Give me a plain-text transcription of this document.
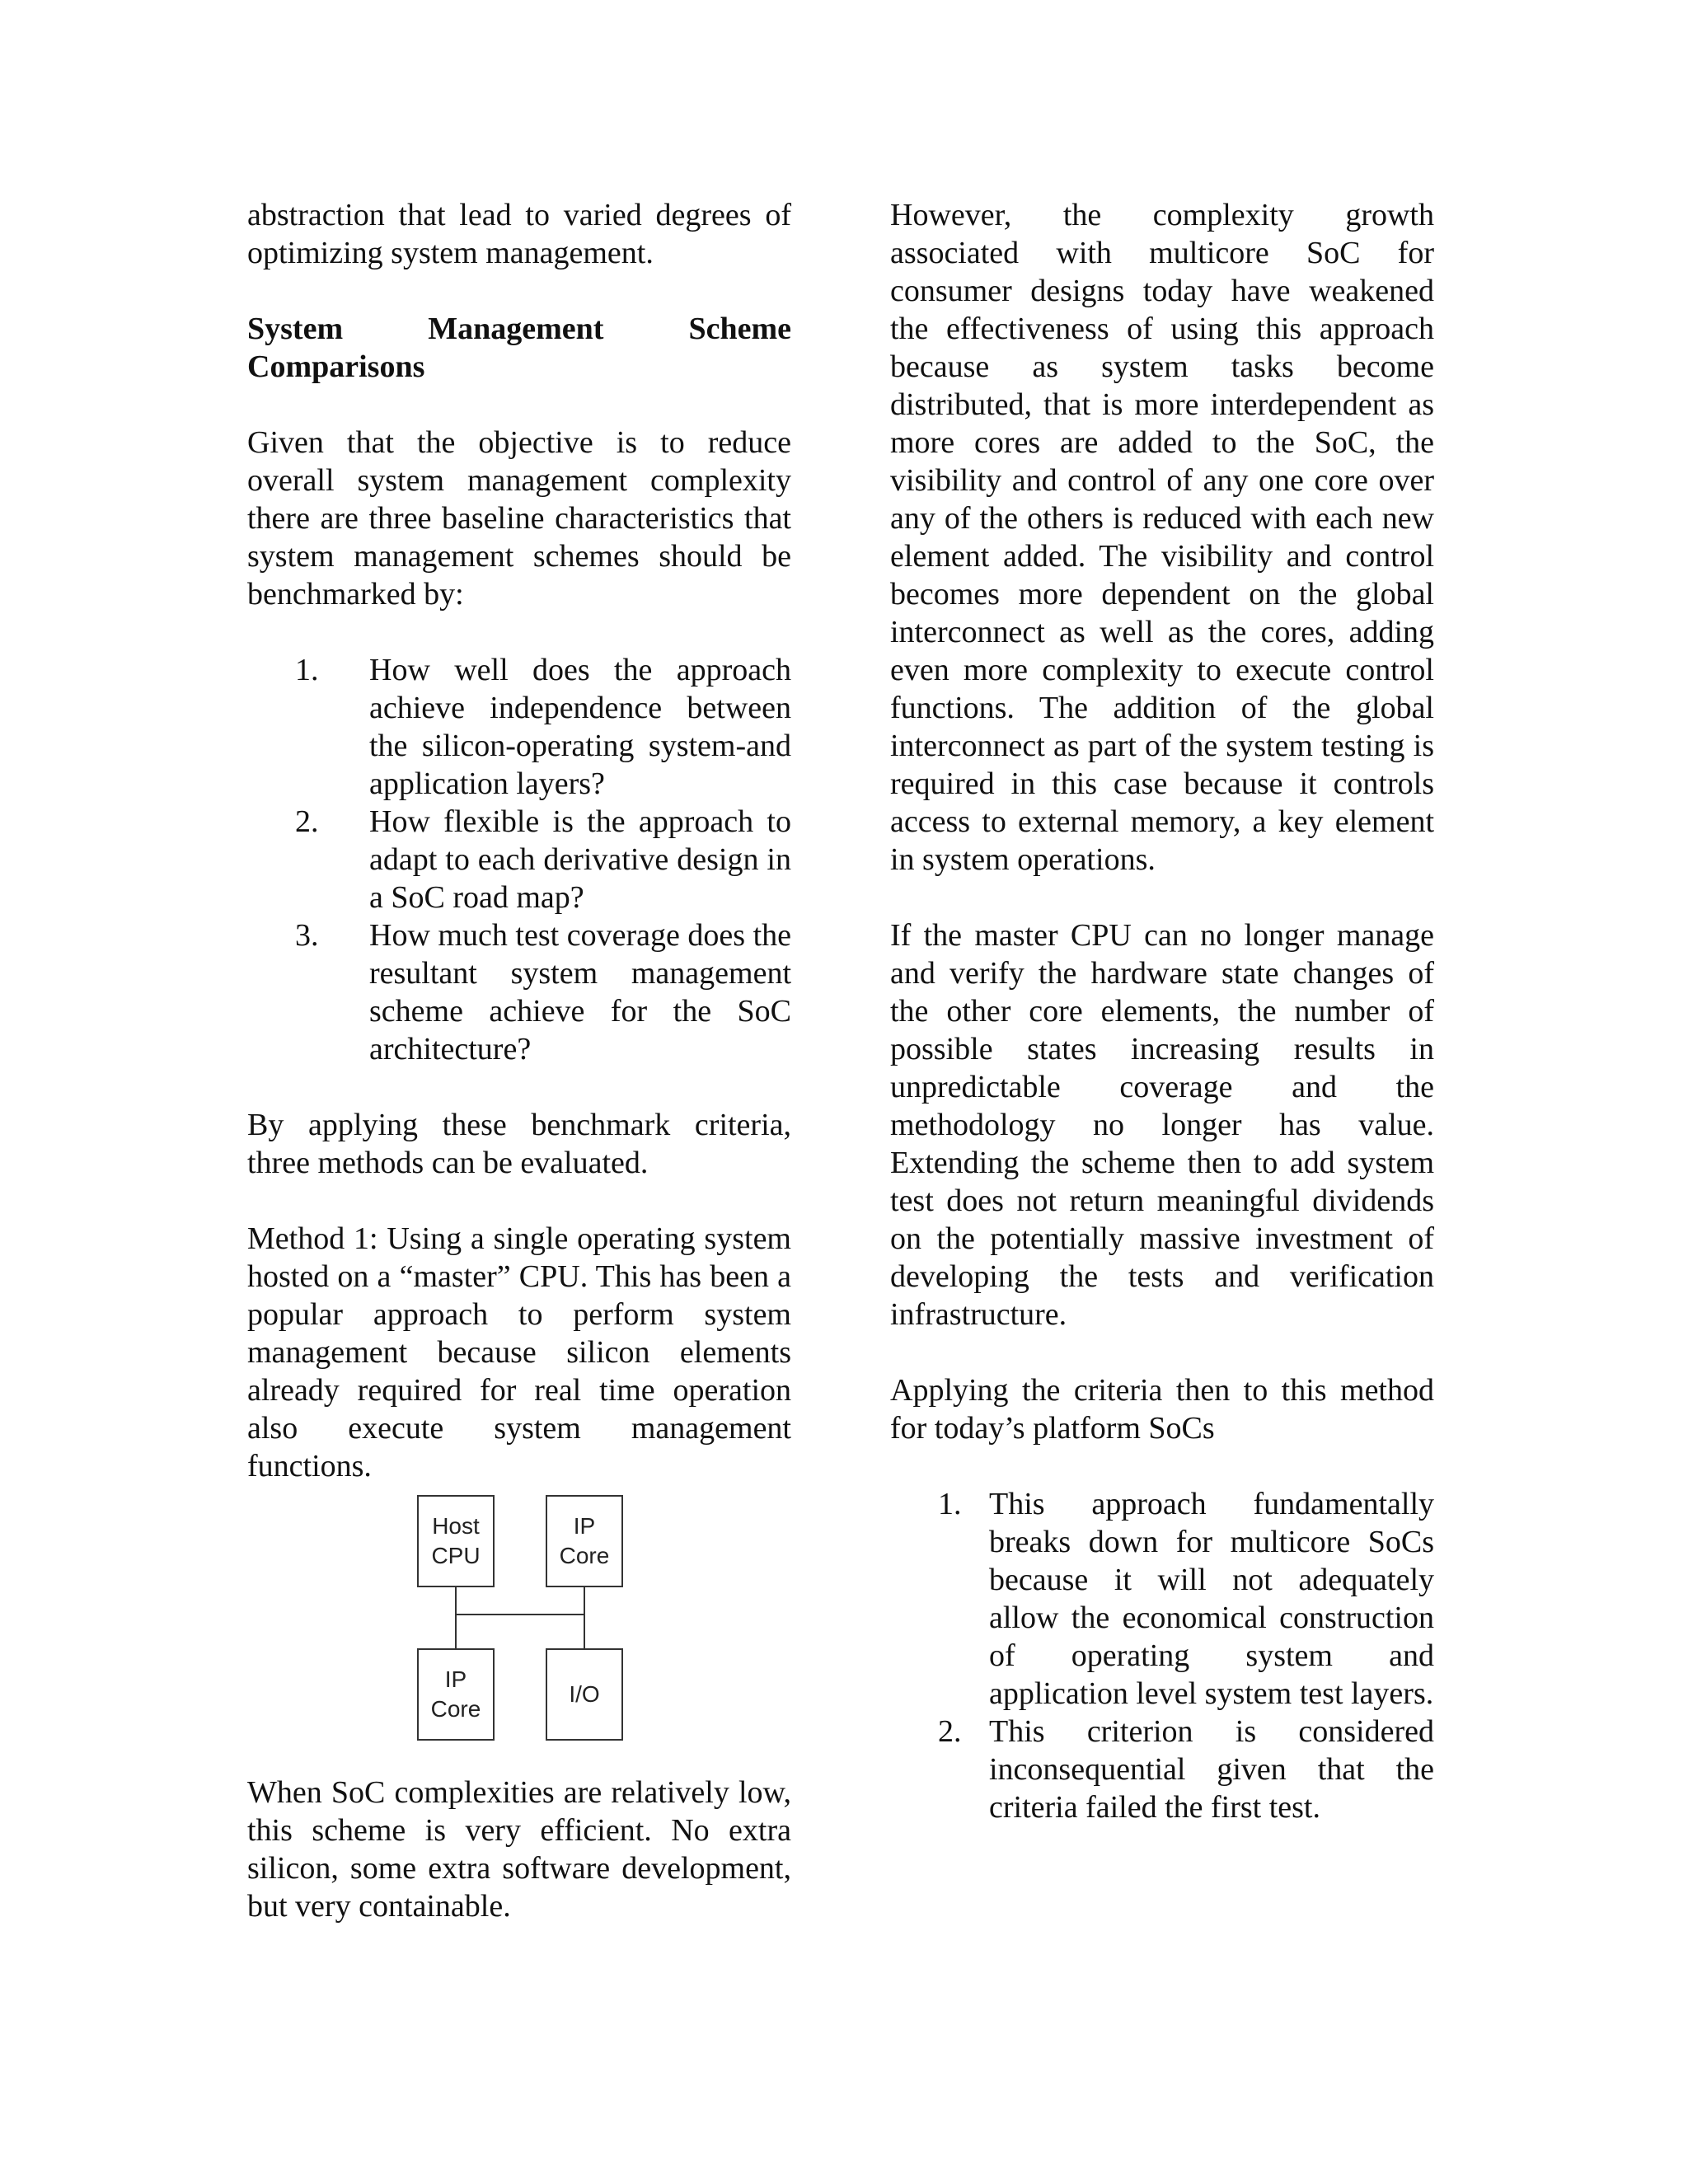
abstraction that lead to varied degrees of optimizing system management.

System Management Scheme Comparisons

Given that the objective is to reduce overall system management complexity there are three baseline characteristics that system management schemes should be benchmarked by:

1. How well does the approach achieve independence between the silicon-operating system-and application layers?
2. How flexible is the approach to adapt to each derivative design in a SoC road map?
3. How much test coverage does the resultant system management scheme achieve for the SoC architecture?

By applying these benchmark criteria, three methods can be evaluated.

Method 1: Using a single operating system hosted on a “master” CPU. This has been a popular approach to perform system management because silicon elements already required for real time operation also execute system management functions.

Host
CPU
IP
Core
IP
Core
I/O

When SoC complexities are relatively low, this scheme is very efficient. No extra silicon, some extra software development, but very containable.

However, the complexity growth associated with multicore SoC for consumer designs today have weakened the effectiveness of using this approach because as system tasks become distributed, that is more interdependent as more cores are added to the SoC, the visibility and control of any one core over any of the others is reduced with each new element added. The visibility and control becomes more dependent on the global interconnect as well as the cores, adding even more complexity to execute control functions. The addition of the global interconnect as part of the system testing is required in this case because it controls access to external memory, a key element in system operations.

If the master CPU can no longer manage and verify the hardware state changes of the other core elements, the number of possible states increasing results in unpredictable coverage and the methodology no longer has value. Extending the scheme then to add system test does not return meaningful dividends on the potentially massive investment of developing the tests and verification infrastructure.

Applying the criteria then to this method for today’s platform SoCs

1. This approach fundamentally breaks down for multicore SoCs because it will not adequately allow the economical construction of operating system and application level system test layers.
2. This criterion is considered inconsequential given that the criteria failed the first test.
